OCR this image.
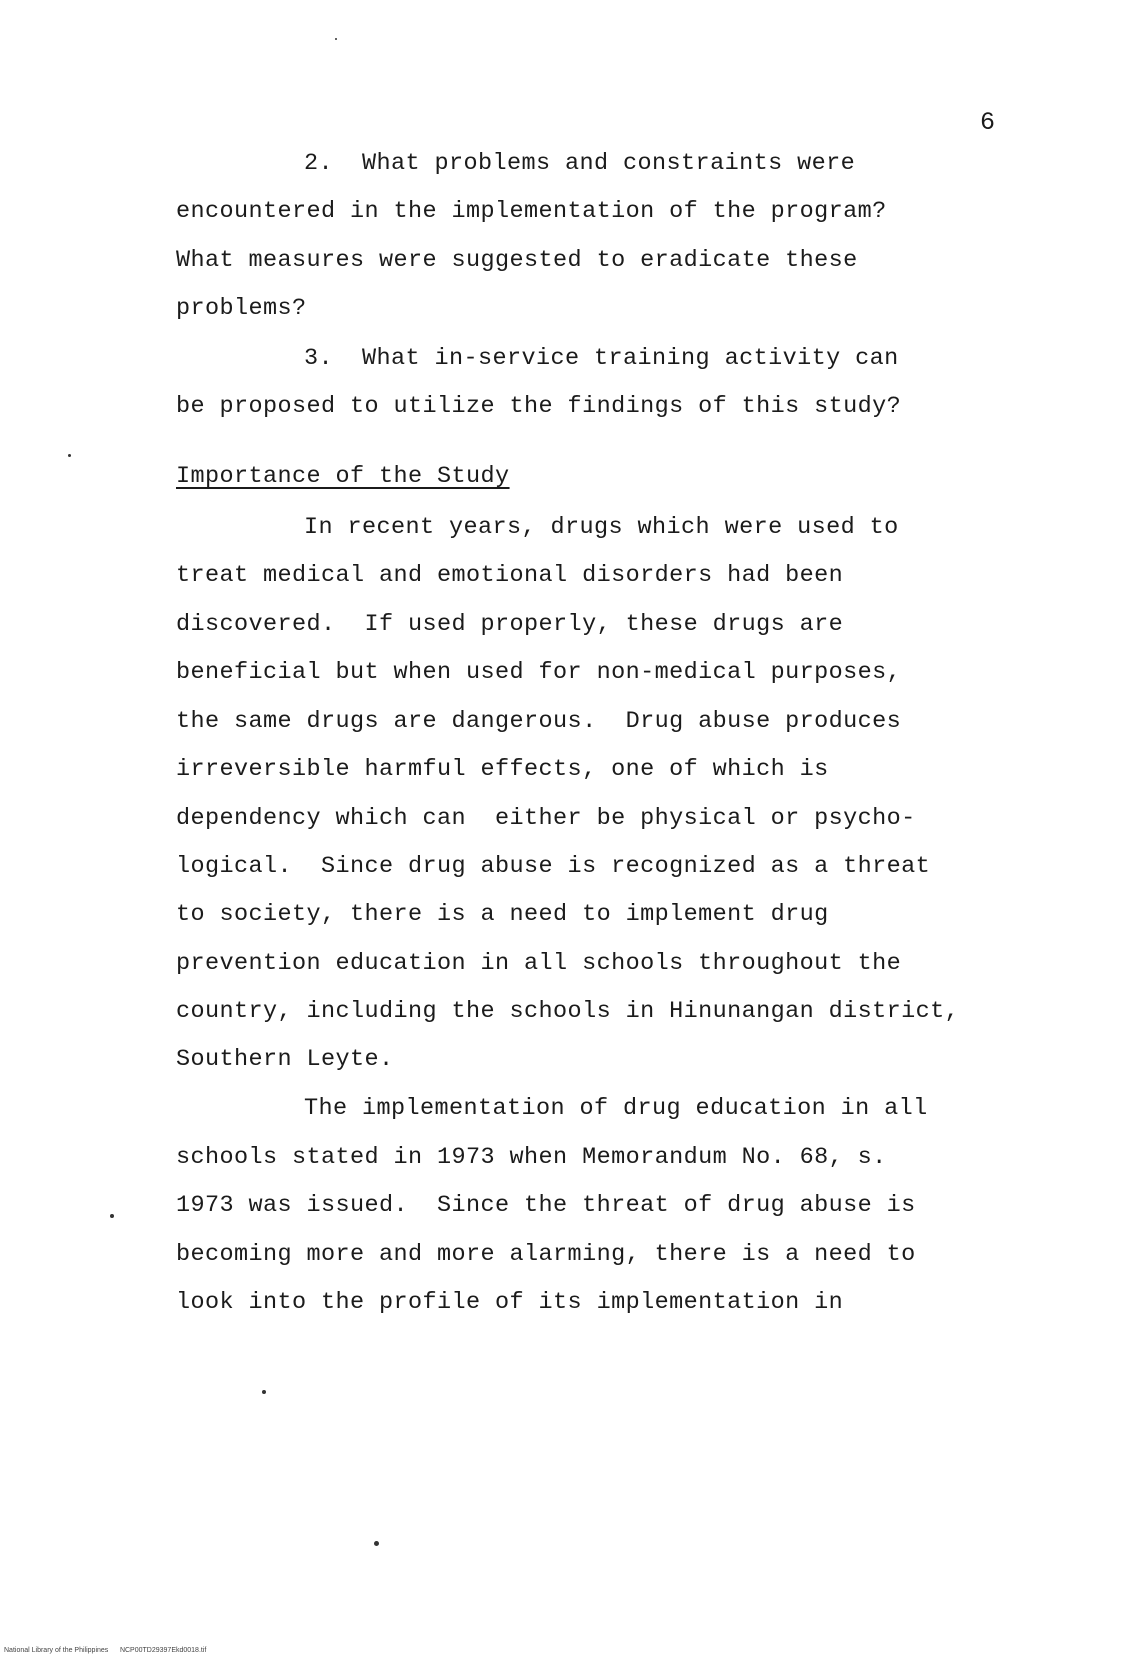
6
2.  What problems and constraints were
encountered in the implementation of the program?
What measures were suggested to eradicate these
problems?
3.  What in-service training activity can
be proposed to utilize the findings of this study?
Importance of the Study
In recent years, drugs which were used to
treat medical and emotional disorders had been
discovered.  If used properly, these drugs are
beneficial but when used for non-medical purposes,
the same drugs are dangerous.  Drug abuse produces
irreversible harmful effects, one of which is
dependency which can  either be physical or psycho-
logical.  Since drug abuse is recognized as a threat
to society, there is a need to implement drug
prevention education in all schools throughout the
country, including the schools in Hinunangan district,
Southern Leyte.
The implementation of drug education in all
schools stated in 1973 when Memorandum No. 68, s.
1973 was issued.  Since the threat of drug abuse is
becoming more and more alarming, there is a need to
look into the profile of its implementation in
National Library of the Philippines      NCP00TD29397Ekd0018.tif
